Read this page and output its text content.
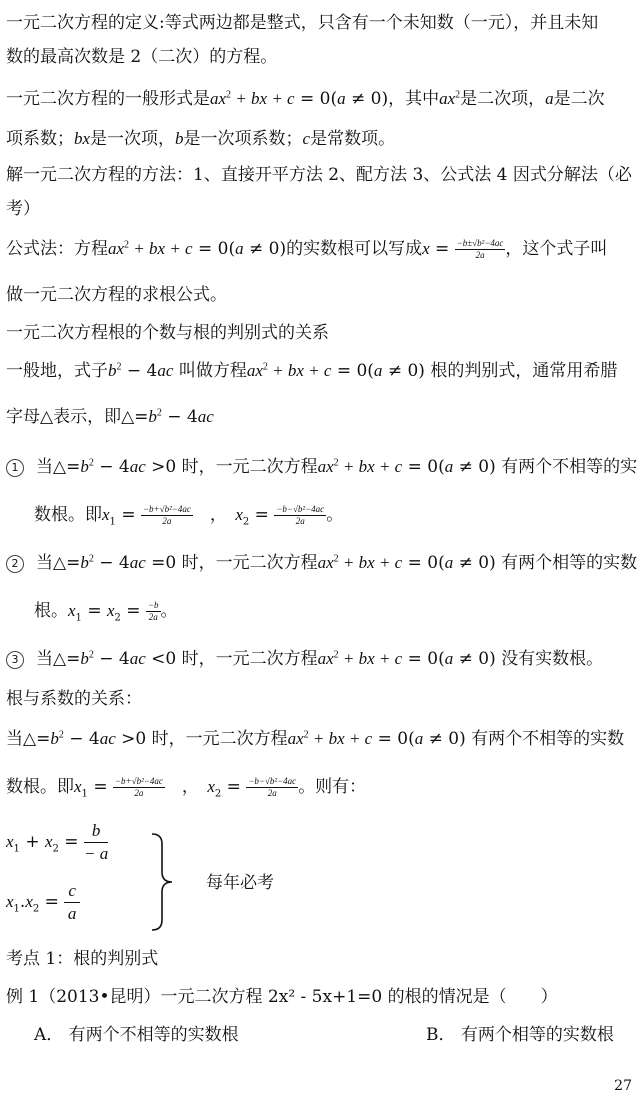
一元二次方程的定义:等式两边都是整式，只含有一个未知数（一元），并且未知
数的最高次数是 2（二次）的方程。
一元二次方程的一般形式是$ax^2$ + bx + c = 0(a ≠ 0)，其中$ax^2$是二次项，a是二次
项系数；bx是一次项，b是一次项系数；c是常数项。
解一元二次方程的方法：1、直接开平方法 2、配方法 3、公式法 4 因式分解法（必
考）
公式法：方程$ax^2$ + bx + c = 0(a ≠ 0)的实数根可以写成$x = \frac{\text{−b±√b²−4ac}}{2a}$ ，这个式子叫
做一元二次方程的求根公式。
一元二次方程根的个数与根的判别式的关系
一般地，式子$b^2 - 4ac$ 叫做方程$ax^2$ + bx + c = 0(a ≠ 0) 根的判别式，通常用希腊
字母△表示，即$\triangle=b^2 - 4ac$
1 当$\triangle=b^2 - 4ac >0$ 时，一元二次方程$ax^2$ + bx + c = 0(a ≠ 0) 有两个不相等的实
数根。即$x_1 = \frac{\text{−b+√b²−4ac}}{2a}$ 　，　$x_2 = \frac{\text{−b−√b²−4ac}}{2a}$ 。
2 当$\triangle=b^2 - 4ac =0$ 时，一元二次方程$ax^2$ + bx + c = 0(a ≠ 0) 有两个相等的实数
根。$x_1 = x_2 = \frac{-b}{2a}$ 。
3 当$\triangle=b^2 - 4ac <0$ 时，一元二次方程$ax^2$ + bx + c = 0(a ≠ 0) 没有实数根。
根与系数的关系：
当$\triangle=b^2 - 4ac >0$ 时，一元二次方程$ax^2$ + bx + c = 0(a ≠ 0) 有两个不相等的实数
数根。即$x_1 = \frac{\text{−b+√b²−4ac}}{2a}$ 　，　$x_2 = \frac{\text{−b−√b²−4ac}}{2a}$ 。则有：
$x_1 + x_2 = \frac{b}{- a}$
$x_1.x_2 = \frac{c}{a}$	每年必考
考点 1：根的判别式
例 1（2013•昆明）一元二次方程 2x² ‑ 5x+1=0 的根的情况是（　　）
A． 有两个不相等的实数根	B． 有两个相等的实数根
27
